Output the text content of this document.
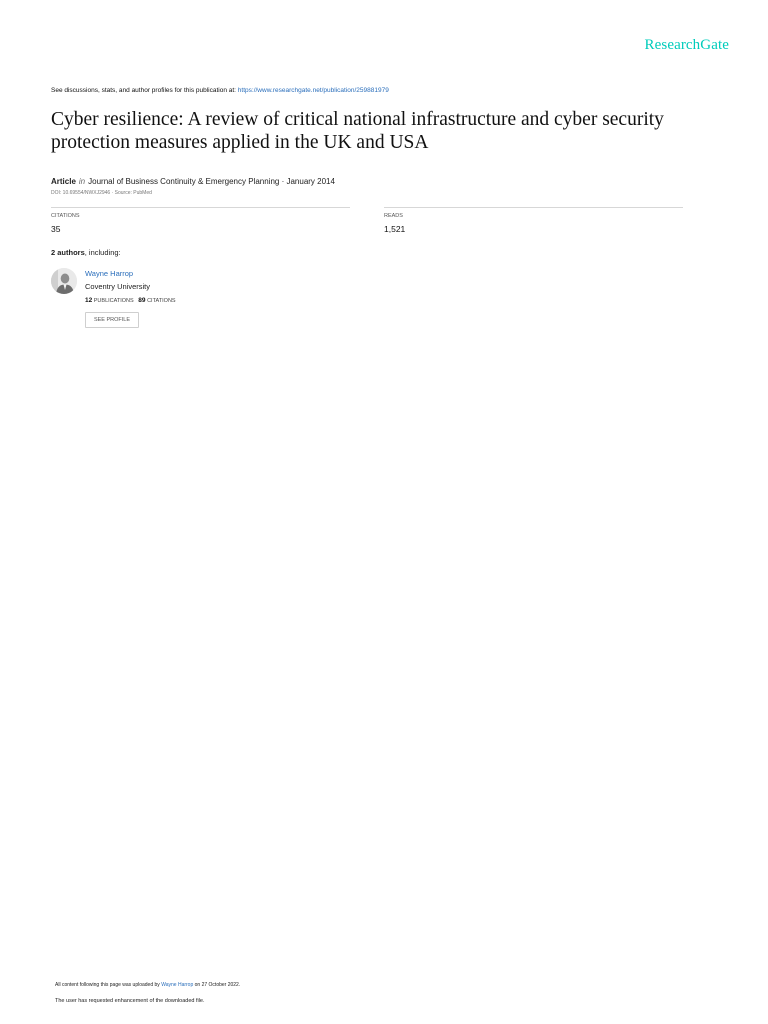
ResearchGate
See discussions, stats, and author profiles for this publication at: https://www.researchgate.net/publication/259881979
Cyber resilience: A review of critical national infrastructure and cyber security protection measures applied in the UK and USA
Article in Journal of Business Continuity & Emergency Planning · January 2014
DOI: 10.69554/NWXJ2946 · Source: PubMed
CITATIONS
35
READS
1,521
2 authors, including:
Wayne Harrop
Coventry University
12 PUBLICATIONS 89 CITATIONS
SEE PROFILE
All content following this page was uploaded by Wayne Harrop on 27 October 2022.
The user has requested enhancement of the downloaded file.
